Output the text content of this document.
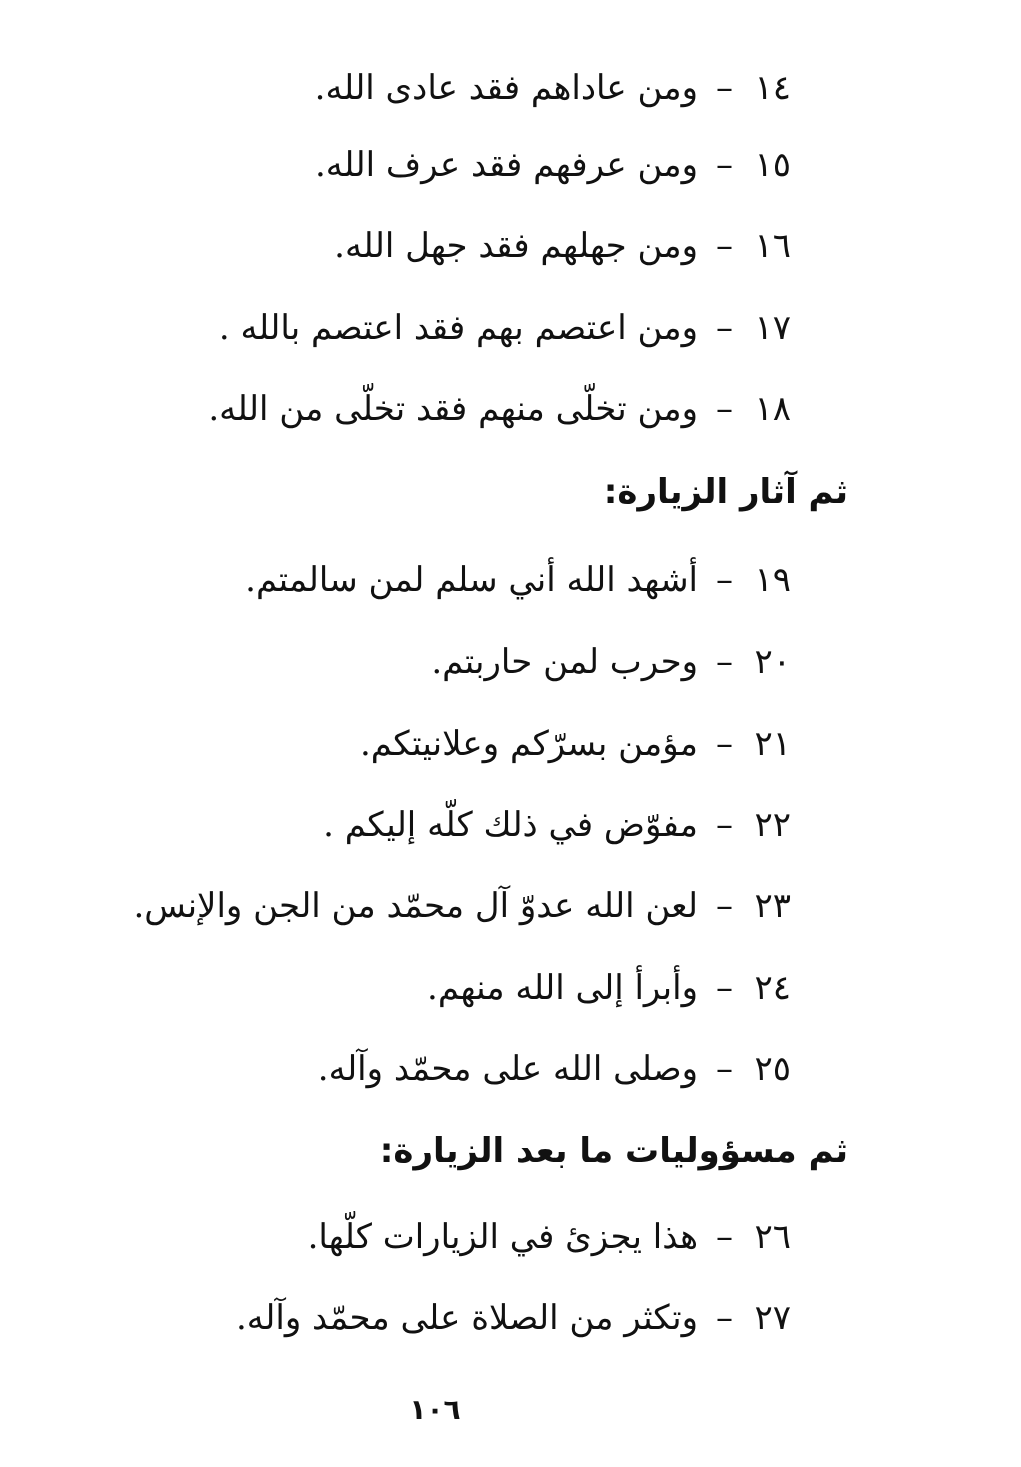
١٤–ومن عاداهم فقد عادى الله.
١٥–ومن عرفهم فقد عرف الله.
١٦–ومن جهلهم فقد جهل الله.
١٧–ومن اعتصم بهم فقد اعتصم بالله .
١٨–ومن تخلّى منهم فقد تخلّى من الله.
ثم آثار الزيارة:
١٩–أشهد الله أني سلم لمن سالمتم.
٢٠–وحرب لمن حاربتم.
٢١–مؤمن بسرّكم وعلانيتكم.
٢٢–مفوّض في ذلك كلّه إليكم .
٢٣–لعن الله عدوّ آل محمّد من الجن والإنس.
٢٤–وأبرأ إلى الله منهم.
٢٥–وصلى الله على محمّد وآله.
ثم مسؤوليات ما بعد الزيارة:
٢٦–هذا يجزئ في الزيارات كلّها.
٢٧–وتكثر من الصلاة على محمّد وآله.
١٠٦
